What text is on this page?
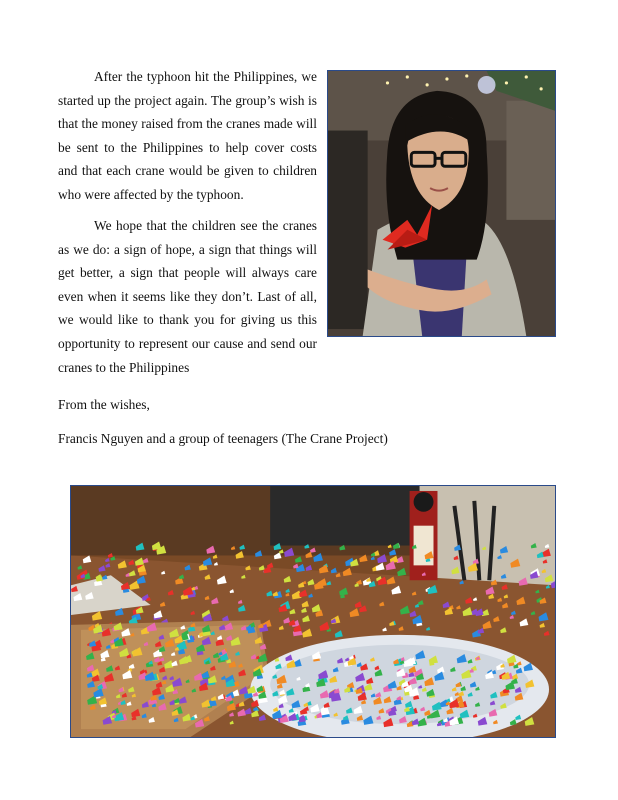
After the typhoon hit the Philippines, we started up the project again. The group’s wish is that the money raised from the cranes made will be sent to the Philippines to help cover costs and that each crane would be given to children who were affected by the typhoon.

We hope that the children see the cranes as we do: a sign of hope, a sign that things will get better, a sign that people will always care even when it seems like they don’t. Last of all, we would like to thank you for giving us this opportunity to represent our cause and send our cranes to the Philippines

From the wishes,

Francis Nguyen and a group of teenagers (The Crane Project)
